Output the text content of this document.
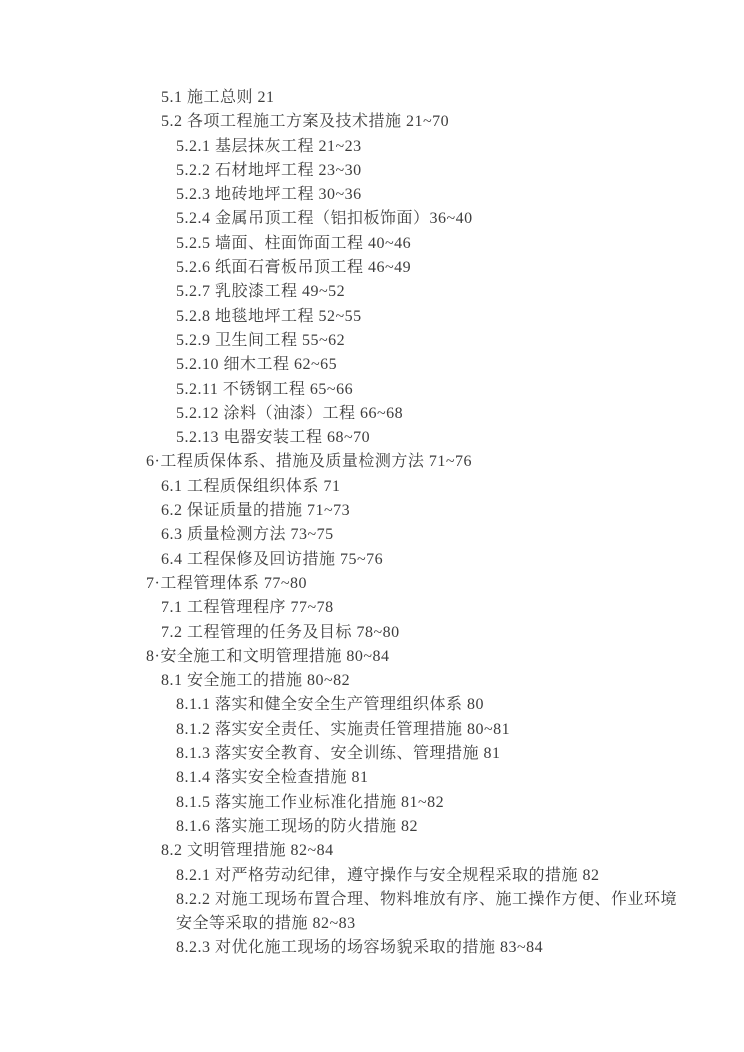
5.1 施工总则 21
5.2 各项工程施工方案及技术措施 21~70
5.2.1 基层抹灰工程 21~23
5.2.2 石材地坪工程 23~30
5.2.3 地砖地坪工程 30~36
5.2.4 金属吊顶工程（铝扣板饰面）36~40
5.2.5 墙面、柱面饰面工程 40~46
5.2.6 纸面石膏板吊顶工程 46~49
5.2.7 乳胶漆工程 49~52
5.2.8 地毯地坪工程 52~55
5.2.9 卫生间工程 55~62
5.2.10 细木工程 62~65
5.2.11 不锈钢工程 65~66
5.2.12 涂料（油漆）工程 66~68
5.2.13 电器安装工程 68~70
6·工程质保体系、措施及质量检测方法 71~76
6.1 工程质保组织体系 71
6.2 保证质量的措施 71~73
6.3 质量检测方法 73~75
6.4 工程保修及回访措施 75~76
7·工程管理体系 77~80
7.1 工程管理程序 77~78
7.2 工程管理的任务及目标 78~80
8·安全施工和文明管理措施 80~84
8.1 安全施工的措施 80~82
8.1.1 落实和健全安全生产管理组织体系 80
8.1.2 落实安全责任、实施责任管理措施 80~81
8.1.3 落实安全教育、安全训练、管理措施 81
8.1.4 落实安全检查措施 81
8.1.5 落实施工作业标准化措施 81~82
8.1.6 落实施工现场的防火措施 82
8.2 文明管理措施 82~84
8.2.1 对严格劳动纪律，遵守操作与安全规程采取的措施 82
8.2.2 对施工现场布置合理、物料堆放有序、施工操作方便、作业环境
安全等采取的措施 82~83
8.2.3 对优化施工现场的场容场貌采取的措施 83~84
